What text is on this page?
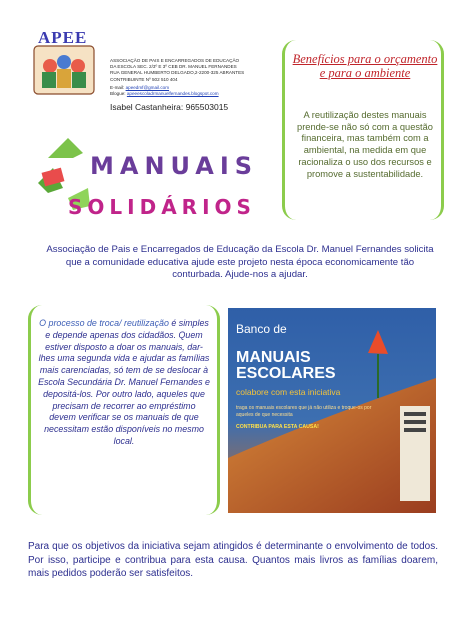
APEE
ASSOCIAÇÃO DE PAIS E ENCARREGADOS DE EDUCAÇÃO
DA ESCOLA SEC. 2/3º E 3º CEB DR. MANUEL FERNANDES
RUA GENERAL HUMBERTO DELGADO,2-2200-325 ABRANTES
CONTRIBUINTE Nº 502 510 404
E-mail: apeedmf@gmail.com
Blogue: apeeescoladrmanuelfernandes.blogspot.com
Isabel Castanheira: 965503015
Benefícios para o orçamento e para o ambiente
A reutilização destes manuais prende-se não só com a questão financeira, mas também com a ambiental, na medida em que racionaliza o uso dos recursos e promove a sustentabilidade.
MANUAIS
SOLIDÁRIOS
Associação de Pais e Encarregados de Educação da Escola Dr. Manuel Fernandes solicita que a comunidade educativa ajude este projeto nesta época economicamente tão conturbada. Ajude-nos a ajudar.
O processo de troca/ reutilização é simples e depende apenas dos cidadãos. Quem estiver disposto a doar os manuais, dar-lhes uma segunda vida e ajudar as famílias mais carenciadas, só tem de se deslocar à Escola Secundária Dr. Manuel Fernandes e depositá-los. Por outro lado, aqueles que precisam de recorrer ao empréstimo devem verificar se os manuais de que necessitam estão disponíveis no mesmo local.
Banco de
MANUAIS ESCOLARES
colabore com esta iniciativa
traga os manuais escolares que já não utiliza e troque-os por aqueles de que necessita
CONTRIBUA PARA ESTA CAUSA!
Para que os objetivos da iniciativa sejam atingidos é determinante o envolvimento de todos. Por isso, participe e contribua para esta causa. Quantos mais livros as famílias doarem, mais pedidos poderão ser satisfeitos.
